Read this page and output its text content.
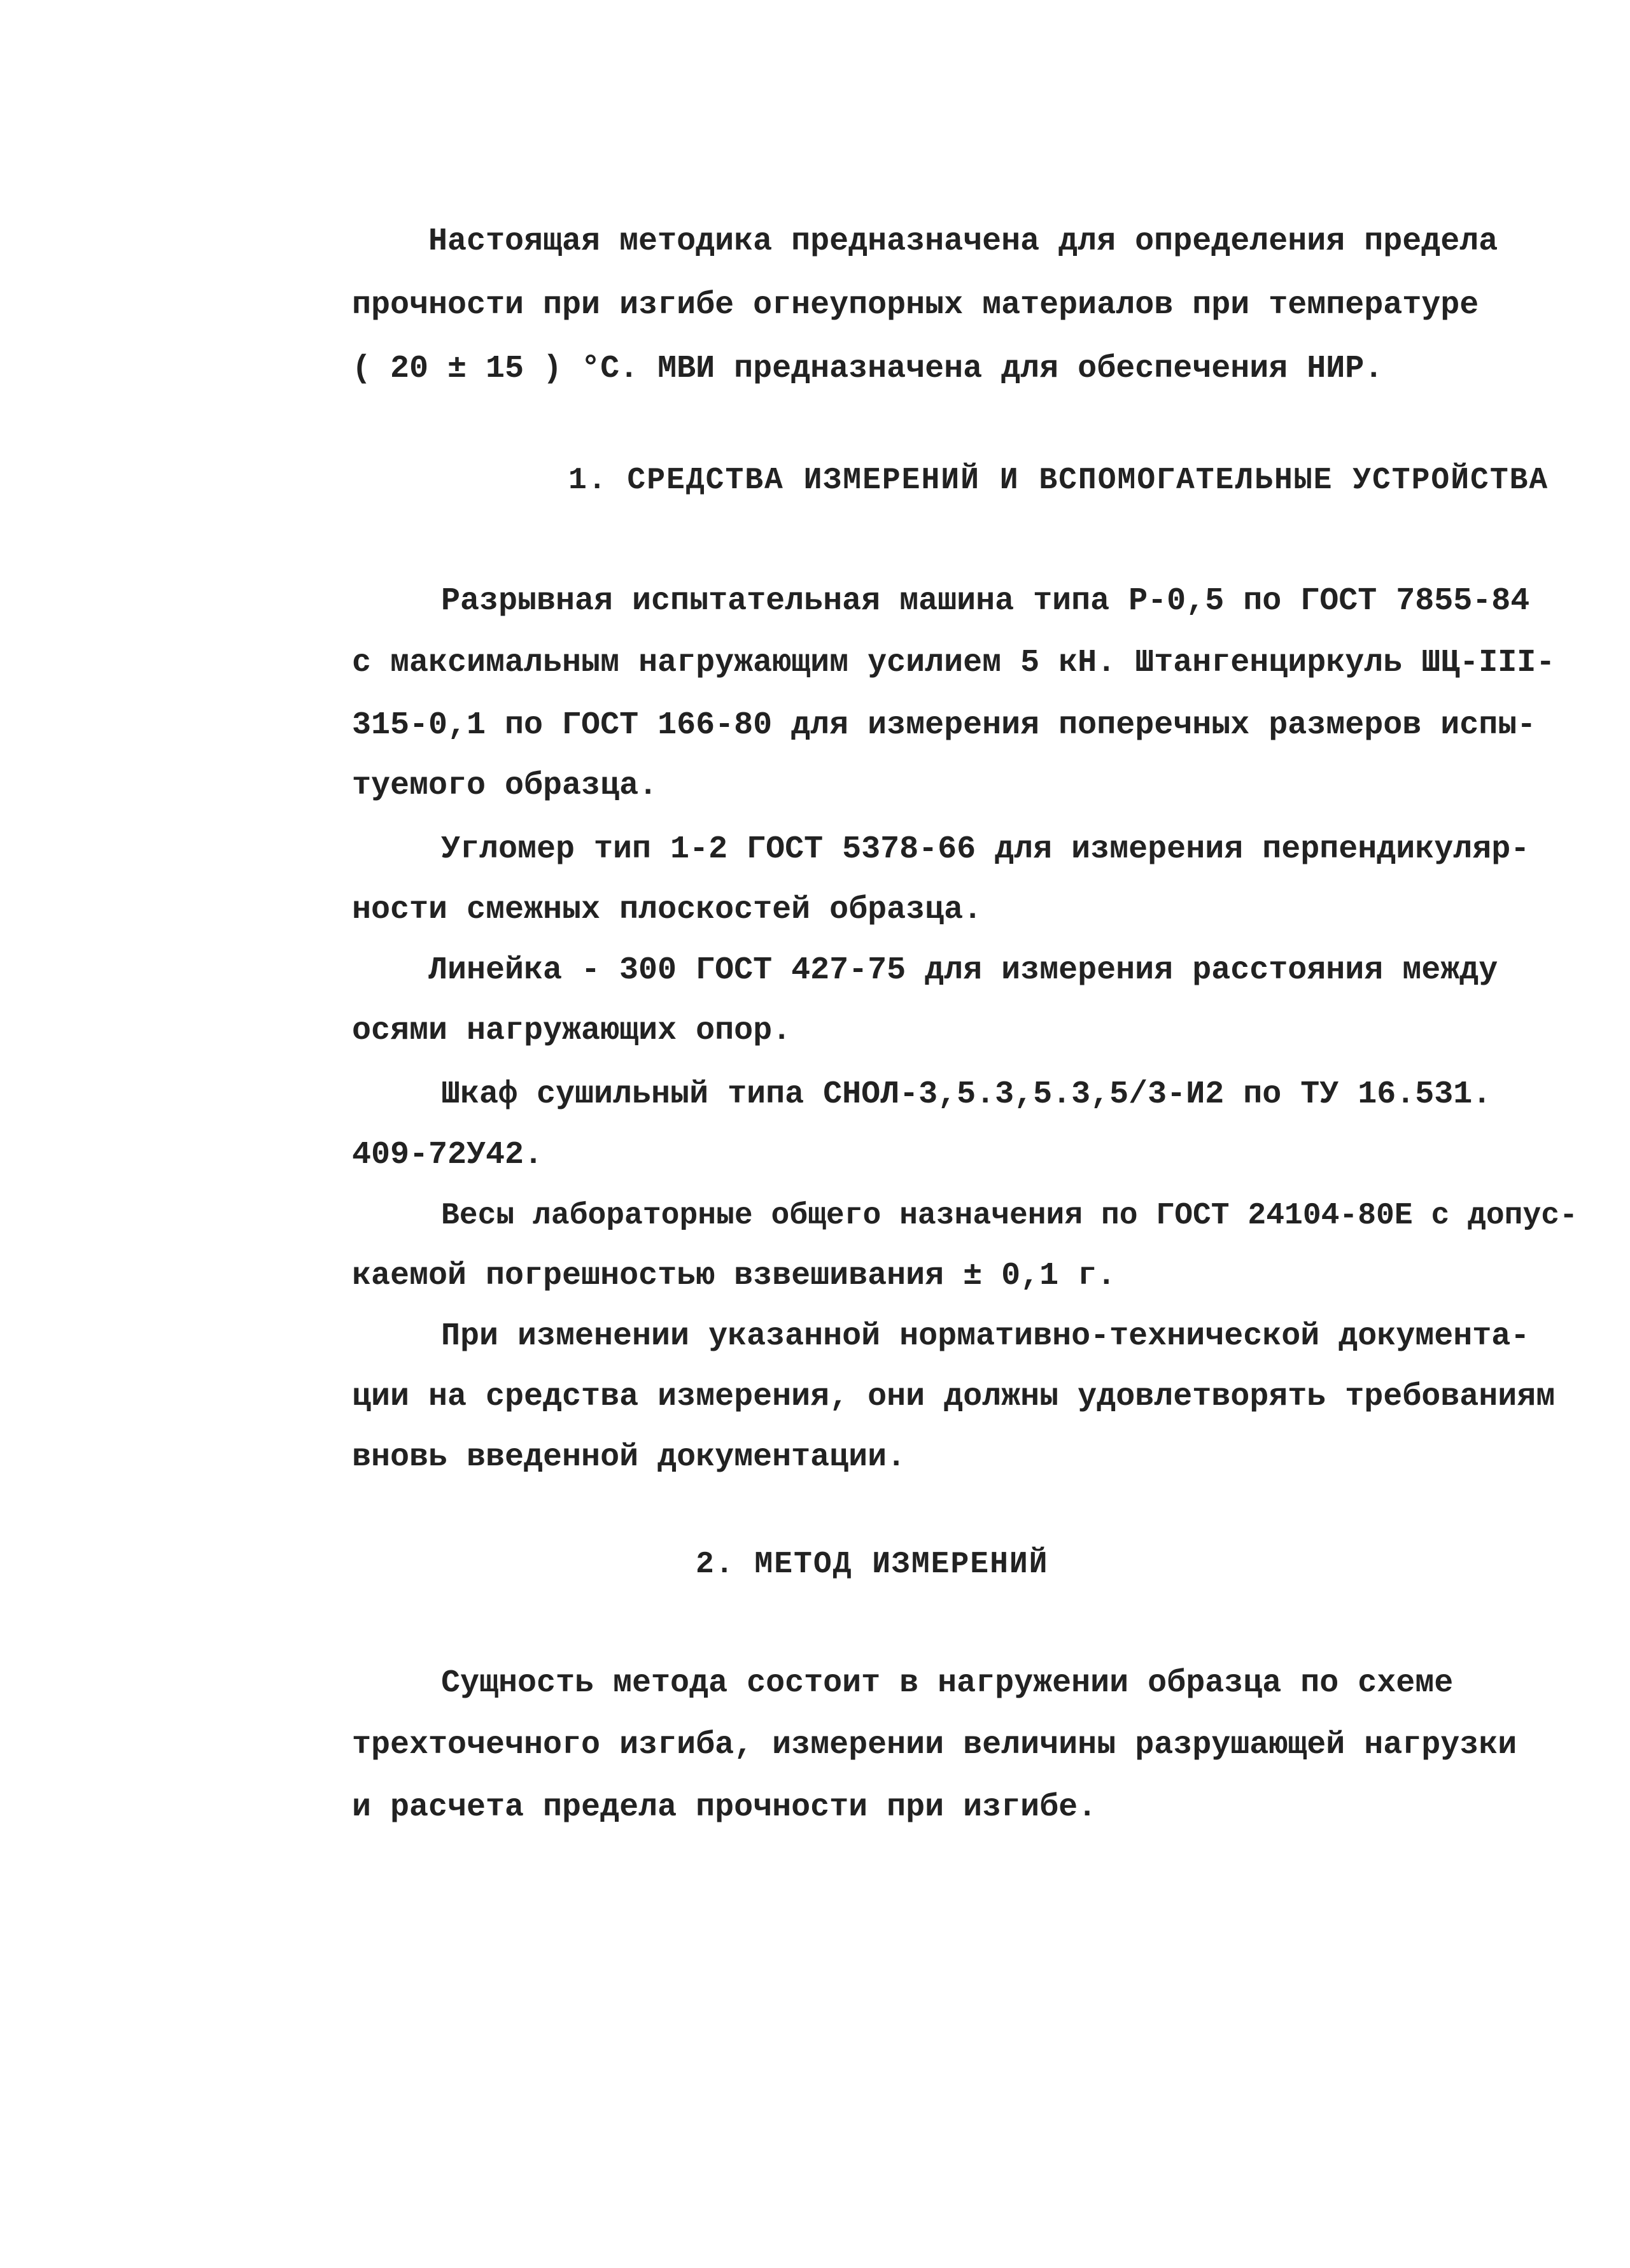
Настоящая методика предназначена для определения предела
прочности при изгибе огнеупорных материалов при температуре
( 20 ± 15 ) °С. МВИ предназначена для обеспечения НИР.
1. СРЕДСТВА ИЗМЕРЕНИЙ И ВСПОМОГАТЕЛЬНЫЕ УСТРОЙСТВА
Разрывная испытательная машина типа Р-0,5 по ГОСТ 7855-84
с максимальным нагружающим усилием 5 кН. Штангенциркуль ШЦ-III-
315-0,1 по ГОСТ 166-80 для измерения поперечных размеров испы-
туемого образца.
Угломер тип 1-2 ГОСТ 5378-66 для измерения перпендикуляр-
ности смежных плоскостей образца.
Линейка - 300 ГОСТ 427-75 для измерения расстояния между
осями нагружающих опор.
Шкаф сушильный типа СНОЛ-3,5.3,5.3,5/3-И2 по ТУ 16.531.
409-72У42.
Весы лабораторные общего назначения по ГОСТ 24104-80Е с допус-
каемой погрешностью взвешивания ± 0,1 г.
При изменении указанной нормативно-технической документа-
ции на средства измерения, они должны удовлетворять требованиям
вновь введенной документации.
2. МЕТОД ИЗМЕРЕНИЙ
Сущность метода состоит в нагружении образца по схеме
трехточечного изгиба, измерении величины разрушающей нагрузки
и расчета предела прочности при изгибе.
